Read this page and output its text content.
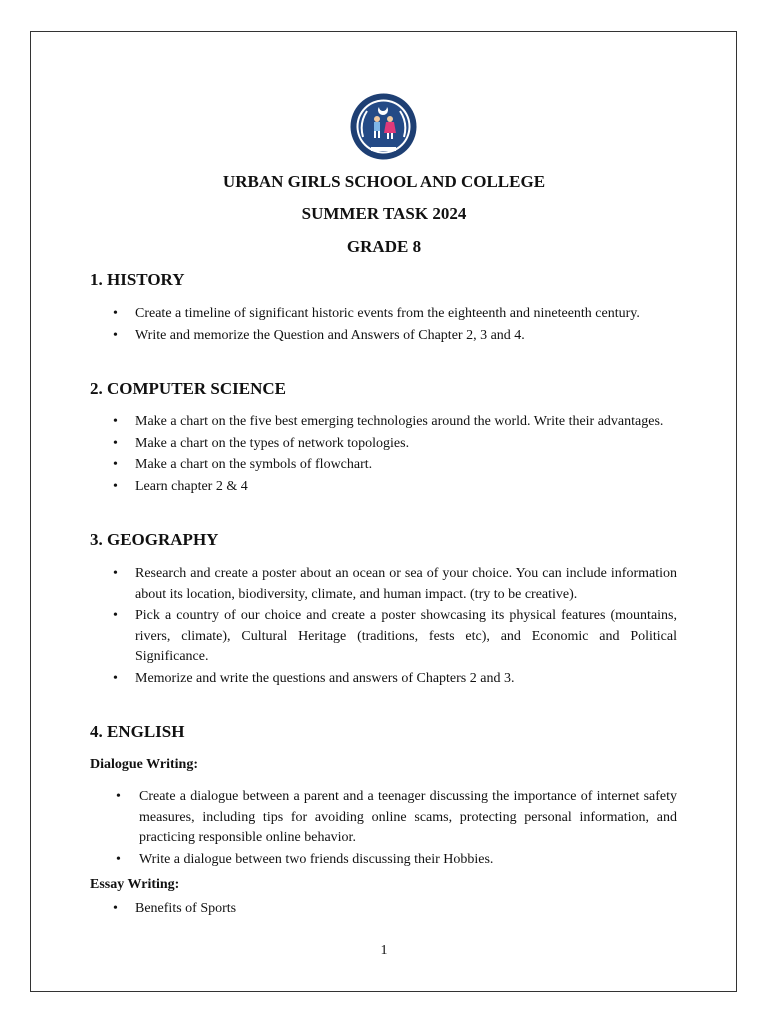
URBAN GIRLS SCHOOL AND COLLEGE
SUMMER TASK 2024
GRADE 8
1. HISTORY
• Create a timeline of significant historic events from the eighteenth and nineteenth century.
• Write and memorize the Question and Answers of Chapter 2, 3 and 4.
2. COMPUTER SCIENCE
• Make a chart on the five best emerging technologies around the world. Write their advantages.
• Make a chart on the types of network topologies.
• Make a chart on the symbols of flowchart.
• Learn chapter 2 & 4
3. GEOGRAPHY
• Research and create a poster about an ocean or sea of your choice. You can include information about its location, biodiversity, climate, and human impact. (try to be creative).
• Pick a country of our choice and create a poster showcasing its physical features (mountains, rivers, climate), Cultural Heritage (traditions, fests etc), and Economic and Political Significance.
• Memorize and write the questions and answers of Chapters 2 and 3.
4. ENGLISH
Dialogue Writing:
• Create a dialogue between a parent and a teenager discussing the importance of internet safety measures, including tips for avoiding online scams, protecting personal information, and practicing responsible online behavior.
• Write a dialogue between two friends discussing their Hobbies.
Essay Writing:
• Benefits of Sports
1
